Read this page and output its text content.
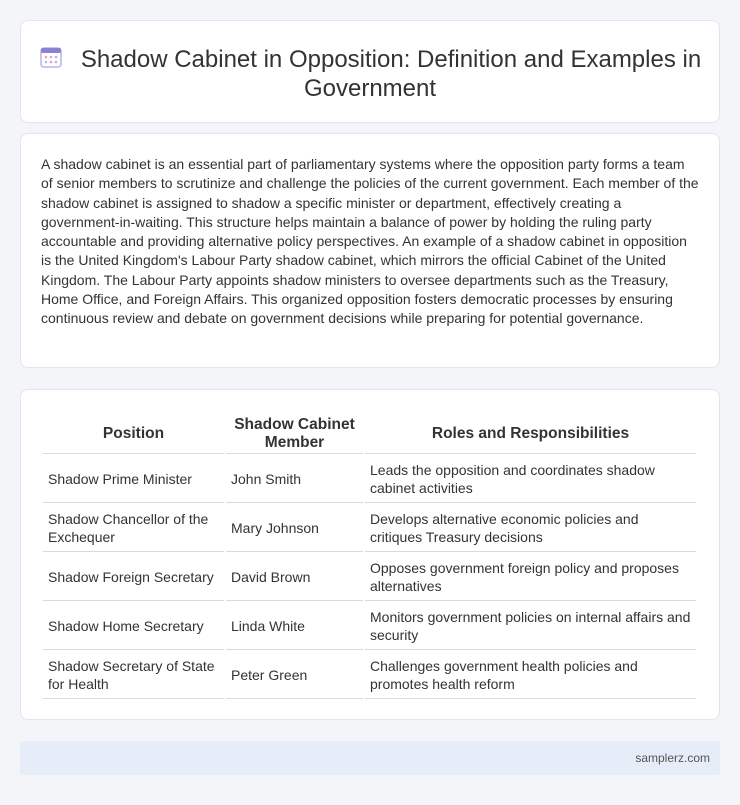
Shadow Cabinet in Opposition: Definition and Examples in Government

A shadow cabinet is an essential part of parliamentary systems where the opposition party forms a team of senior members to scrutinize and challenge the policies of the current government. Each member of the shadow cabinet is assigned to shadow a specific minister or department, effectively creating a government-in-waiting. This structure helps maintain a balance of power by holding the ruling party accountable and providing alternative policy perspectives. An example of a shadow cabinet in opposition is the United Kingdom's Labour Party shadow cabinet, which mirrors the official Cabinet of the United Kingdom. The Labour Party appoints shadow ministers to oversee departments such as the Treasury, Home Office, and Foreign Affairs. This organized opposition fosters democratic processes by ensuring continuous review and debate on government decisions while preparing for potential governance.

Position	Shadow Cabinet Member	Roles and Responsibilities
Shadow Prime Minister	John Smith	Leads the opposition and coordinates shadow cabinet activities
Shadow Chancellor of the Exchequer	Mary Johnson	Develops alternative economic policies and critiques Treasury decisions
Shadow Foreign Secretary	David Brown	Opposes government foreign policy and proposes alternatives
Shadow Home Secretary	Linda White	Monitors government policies on internal affairs and security
Shadow Secretary of State for Health	Peter Green	Challenges government health policies and promotes health reform
samplerz.com
